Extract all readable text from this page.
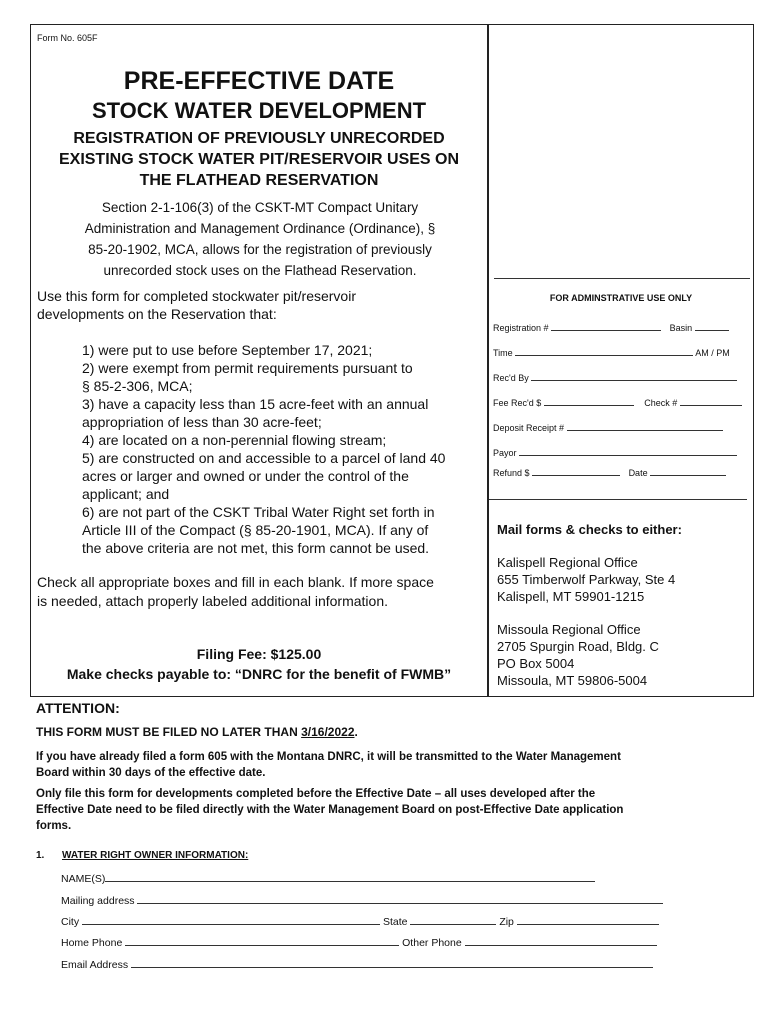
Form No. 605F
PRE-EFFECTIVE DATE
STOCK WATER DEVELOPMENT
REGISTRATION OF PREVIOUSLY UNRECORDED
EXISTING STOCK WATER PIT/RESERVOIR USES ON
THE FLATHEAD RESERVATION
Section 2-1-106(3) of the CSKT-MT Compact Unitary
Administration and Management Ordinance (Ordinance), §
85-20-1902, MCA, allows for the registration of previously
unrecorded stock uses on the Flathead Reservation.
Use this form for completed stockwater pit/reservoir
developments on the Reservation that:
1) were put to use before September 17, 2021;
2) were exempt from permit requirements pursuant to
§ 85-2-306, MCA;
3) have a capacity less than 15 acre-feet with an annual
appropriation of less than 30 acre-feet;
4) are located on a non-perennial flowing stream;
5) are constructed on and accessible to a parcel of land 40
acres or larger and owned or under the control of the
applicant; and
6) are not part of the CSKT Tribal Water Right set forth in
Article III of the Compact (§ 85-20-1901, MCA). If any of
the above criteria are not met, this form cannot be used.
Check all appropriate boxes and fill in each blank. If more space
is needed, attach properly labeled additional information.
Filing Fee: $125.00
Make checks payable to: “DNRC for the benefit of FWMB”
FOR ADMINSTRATIVE USE ONLY
Registration #	Basin
Time	AM / PM
Rec'd By
Fee Rec'd $	Check #
Deposit Receipt #
Payor
Refund $	Date
Mail forms & checks to either:
Kalispell Regional Office
655 Timberwolf Parkway, Ste 4
Kalispell, MT 59901-1215
Missoula Regional Office
2705 Spurgin Road, Bldg. C
PO Box 5004
Missoula, MT 59806-5004
ATTENTION:
THIS FORM MUST BE FILED NO LATER THAN 3/16/2022.
If you have already filed a form 605 with the Montana DNRC, it will be transmitted to the Water Management
Board within 30 days of the effective date.
Only file this form for developments completed before the Effective Date – all uses developed after the
Effective Date need to be filed directly with the Water Management Board on post-Effective Date application
forms.
1. WATER RIGHT OWNER INFORMATION:
NAME(S)
Mailing address
City	State	Zip
Home Phone	Other Phone
Email Address
